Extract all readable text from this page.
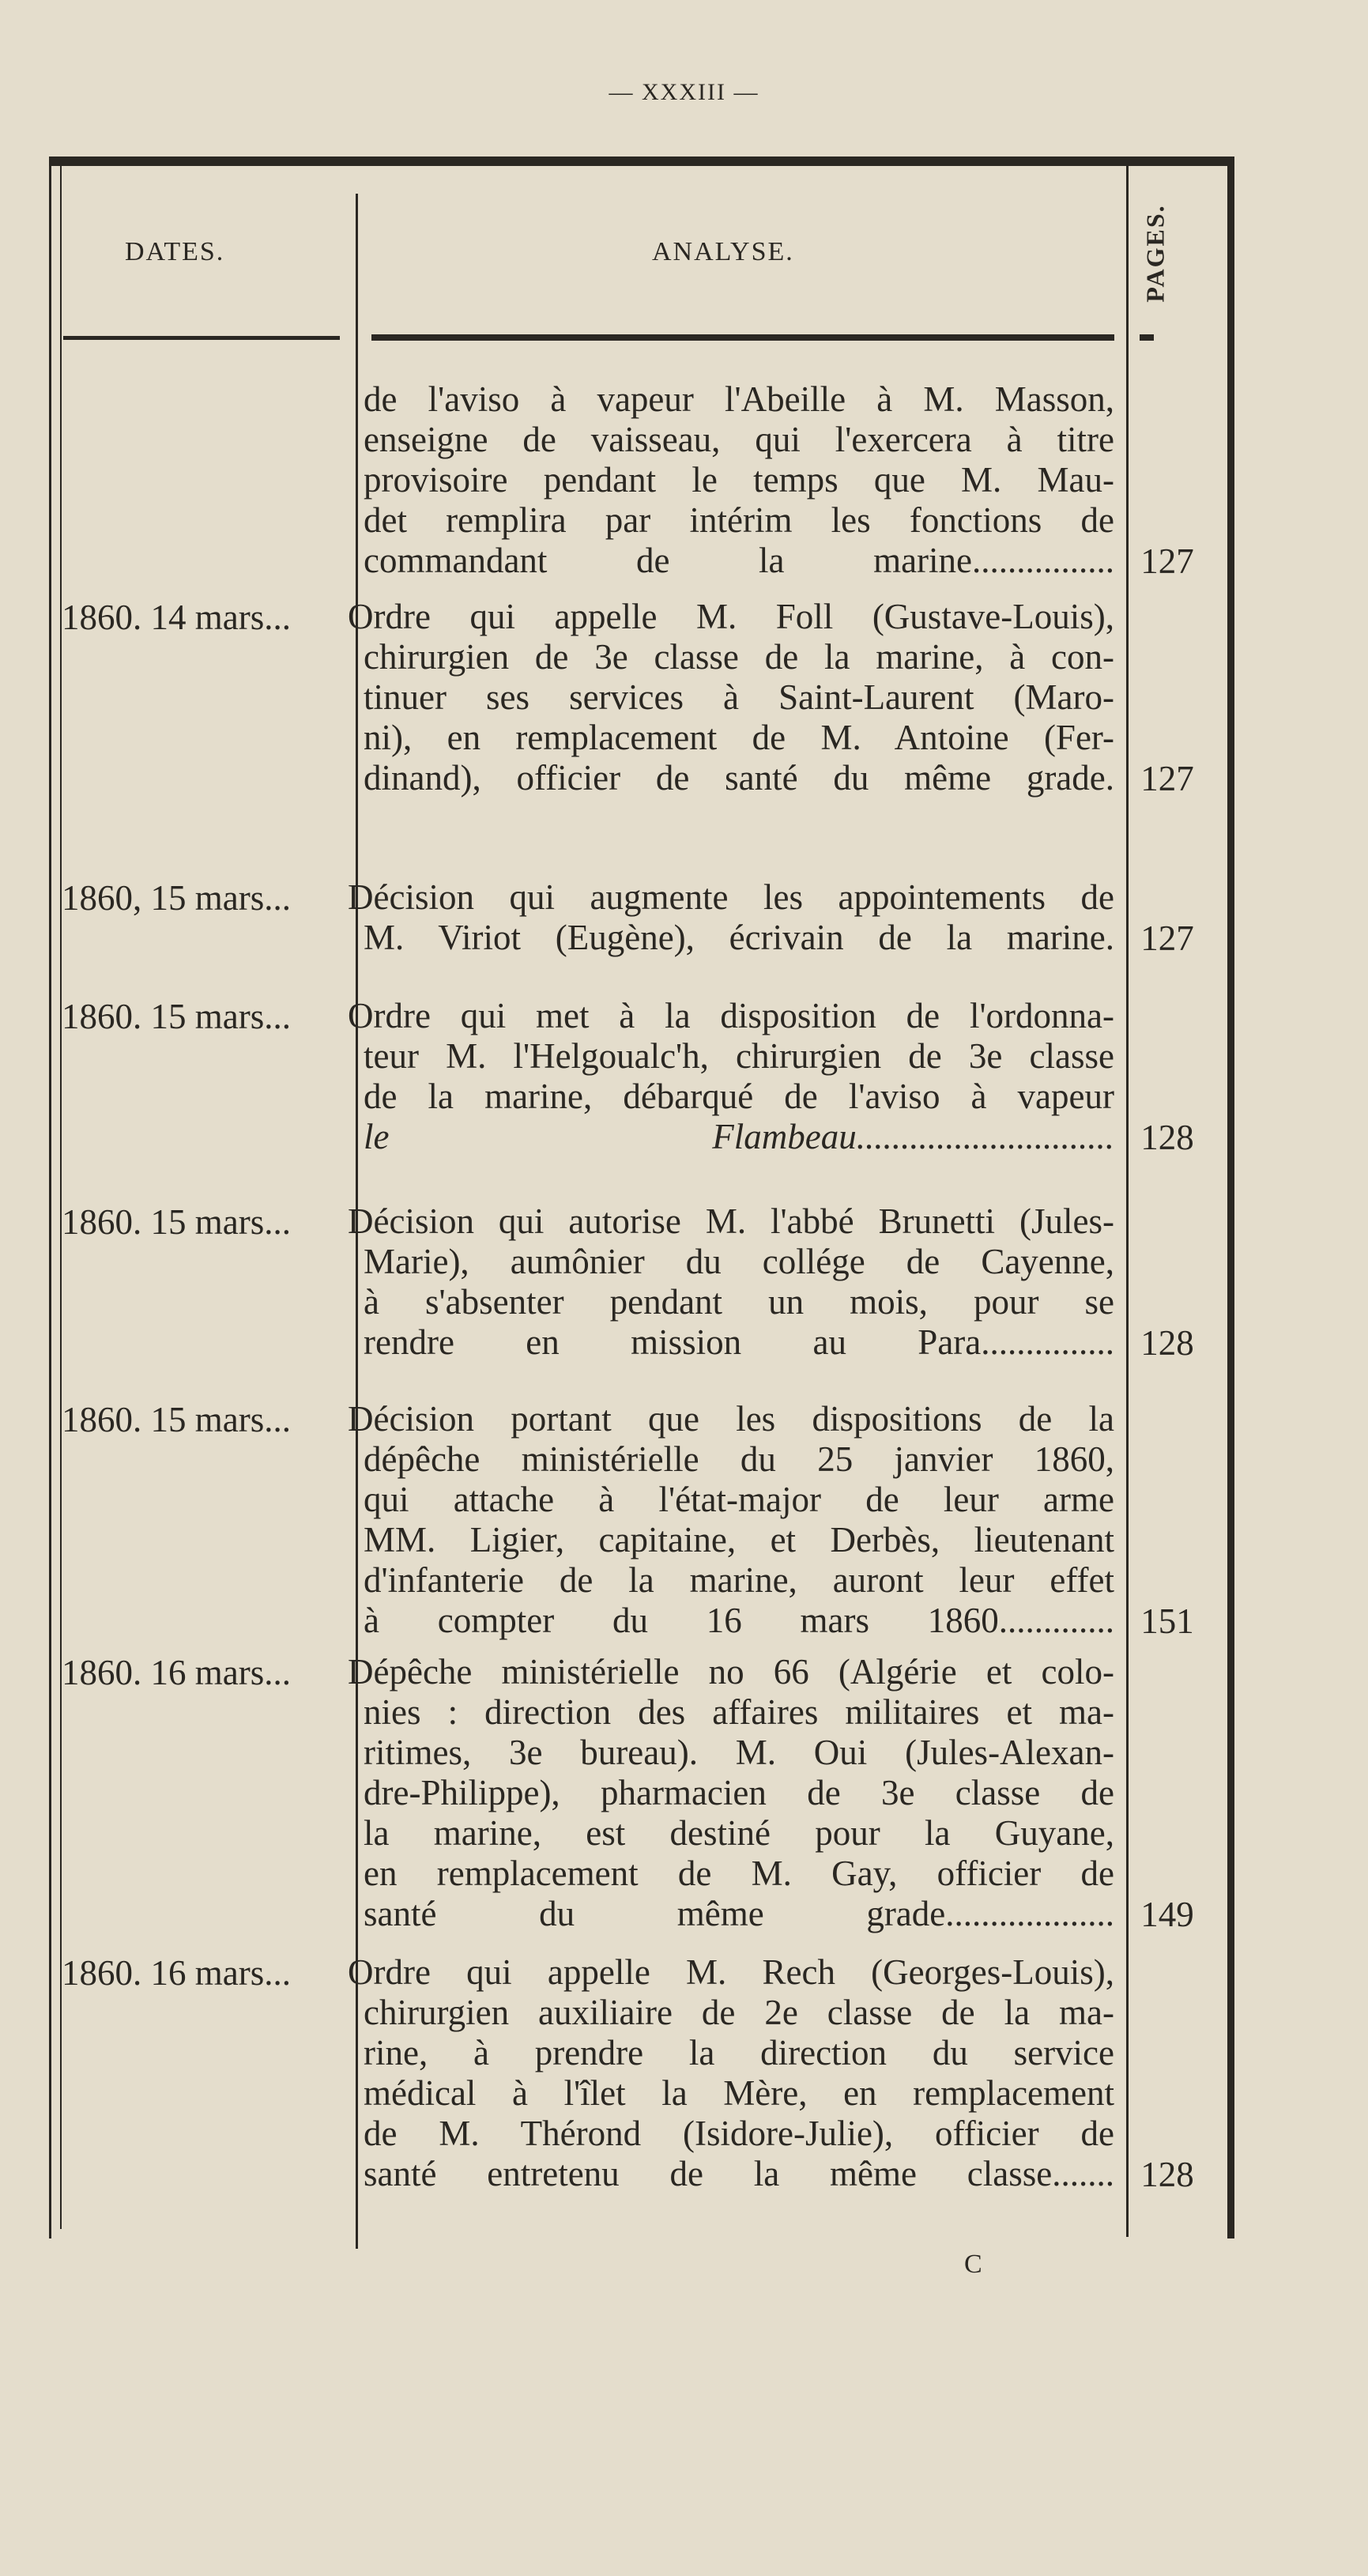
— XXXIII —
DATES.	ANALYSE.	PAGES.
de l'aviso à vapeur l'Abeille à M. Masson,
enseigne de vaisseau, qui l'exercera à titre
provisoire pendant le temps que M. Mau-
det remplira par intérim les fonctions de
commandant de la marine................ 127
1860. 14 mars... Ordre qui appelle M. Foll (Gustave-Louis),
chirurgien de 3e classe de la marine, à con-
tinuer ses services à Saint-Laurent (Maro-
ni), en remplacement de M. Antoine (Fer-
dinand), officier de santé du même grade. 127
1860, 15 mars... Décision qui augmente les appointements de
M. Viriot (Eugène), écrivain de la marine. 127
1860. 15 mars... Ordre qui met à la disposition de l'ordonna-
teur M. l'Helgoualc'h, chirurgien de 3e classe
de la marine, débarqué de l'aviso à vapeur
le Flambeau............................. 128
1860. 15 mars... Décision qui autorise M. l'abbé Brunetti (Jules-
Marie), aumônier du collége de Cayenne,
à s'absenter pendant un mois, pour se
rendre en mission au Para............... 128
1860. 15 mars... Décision portant que les dispositions de la
dépêche ministérielle du 25 janvier 1860,
qui attache à l'état-major de leur arme
MM. Ligier, capitaine, et Derbès, lieutenant
d'infanterie de la marine, auront leur effet
à compter du 16 mars 1860............. 151
1860. 16 mars... Dépêche ministérielle no 66 (Algérie et colo-
nies : direction des affaires militaires et ma-
ritimes, 3e bureau). M. Oui (Jules-Alexan-
dre-Philippe), pharmacien de 3e classe de
la marine, est destiné pour la Guyane,
en remplacement de M. Gay, officier de
santé du même grade................... 149
1860. 16 mars... Ordre qui appelle M. Rech (Georges-Louis),
chirurgien auxiliaire de 2e classe de la ma-
rine, à prendre la direction du service
médical à l'îlet la Mère, en remplacement
de M. Thérond (Isidore-Julie), officier de
santé entretenu de la même classe....... 128
C
